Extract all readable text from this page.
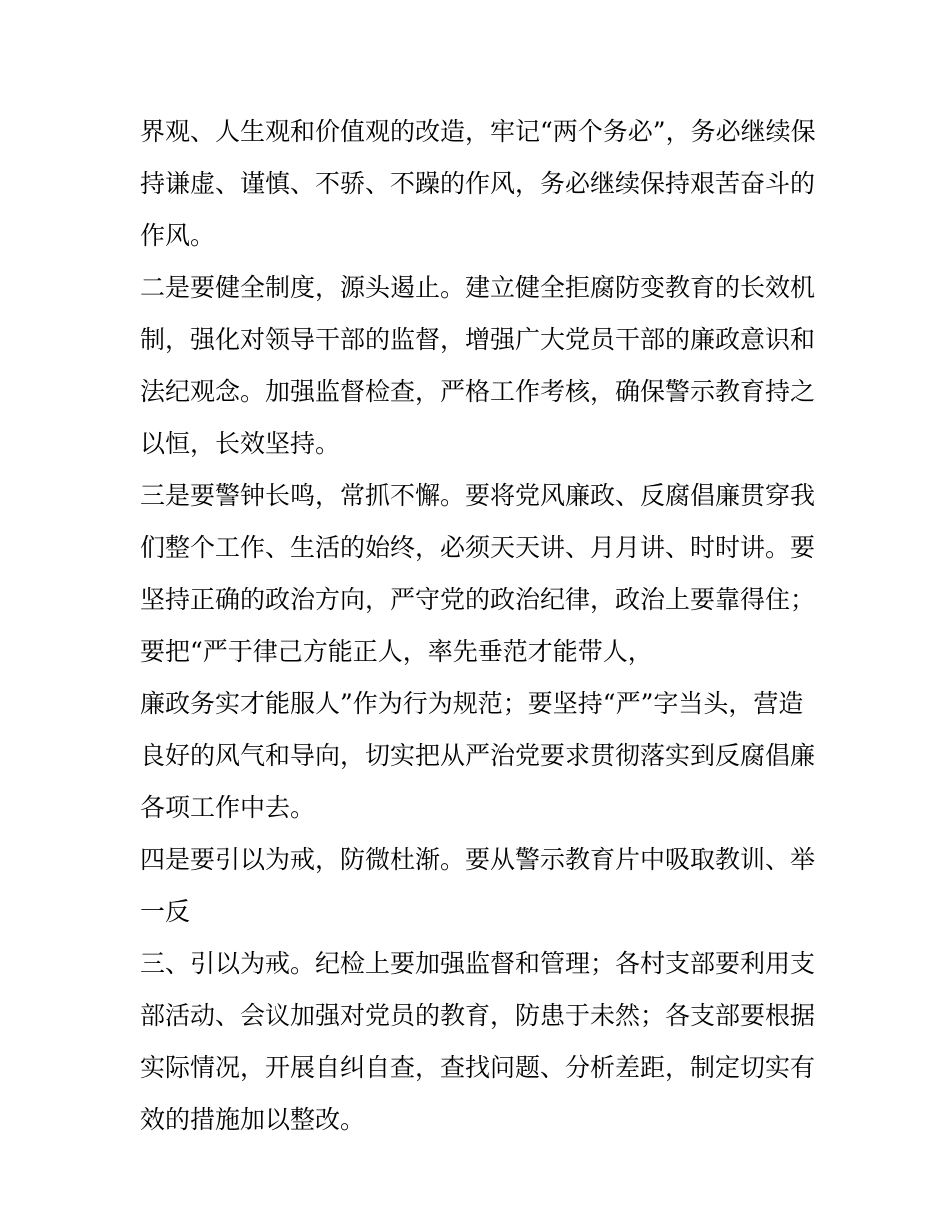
界观、人生观和价值观的改造，牢记“两个务必”，务必继续保
持谦虚、谨慎、不骄、不躁的作风，务必继续保持艰苦奋斗的
作风。
二是要健全制度，源头遏止。建立健全拒腐防变教育的长效机
制，强化对领导干部的监督，增强广大党员干部的廉政意识和
法纪观念。加强监督检查，严格工作考核，确保警示教育持之
以恒，长效坚持。
三是要警钟长鸣，常抓不懈。要将党风廉政、反腐倡廉贯穿我
们整个工作、生活的始终，必须天天讲、月月讲、时时讲。要
坚持正确的政治方向，严守党的政治纪律，政治上要靠得住；
要把“严于律己方能正人，率先垂范才能带人，
廉政务实才能服人”作为行为规范；要坚持“严”字当头，营造
良好的风气和导向，切实把从严治党要求贯彻落实到反腐倡廉
各项工作中去。
四是要引以为戒，防微杜渐。要从警示教育片中吸取教训、举
一反
三、引以为戒。纪检上要加强监督和管理；各村支部要利用支
部活动、会议加强对党员的教育，防患于未然；各支部要根据
实际情况，开展自纠自查，查找问题、分析差距，制定切实有
效的措施加以整改。
